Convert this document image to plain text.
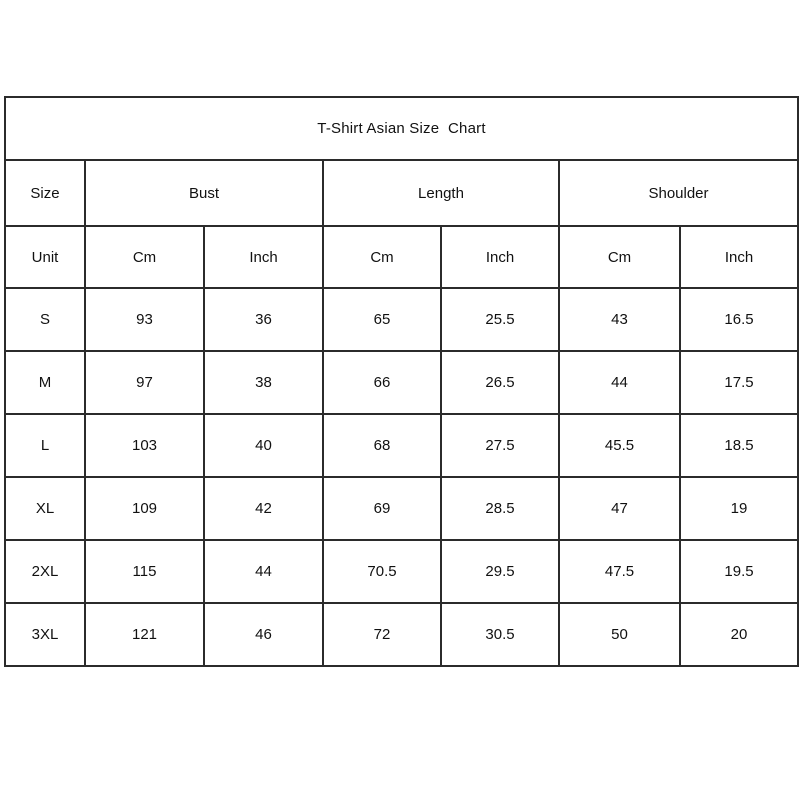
T-Shirt Asian Size  Chart						
Size	Bust		Length		Shoulder	
Unit	Cm	Inch	Cm	Inch	Cm	Inch
S	93	36	65	25.5	43	16.5
M	97	38	66	26.5	44	17.5
L	103	40	68	27.5	45.5	18.5
XL	109	42	69	28.5	47	19
2XL	115	44	70.5	29.5	47.5	19.5
3XL	121	46	72	30.5	50	20
